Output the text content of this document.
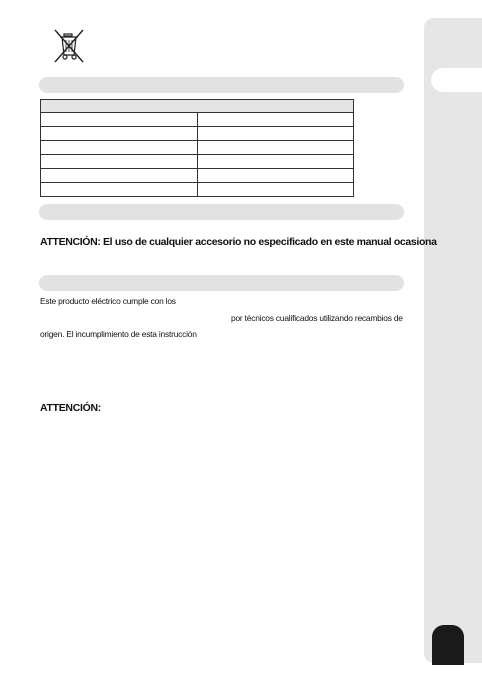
ATTENCIÓN: El uso de cualquier accesorio no especificado en este manual ocasiona

Este producto eléctrico cumple con los

por técnicos cualificados utilizando recambios de

origen. El incumplimiento de esta instrucción

ATTENCIÓN:
